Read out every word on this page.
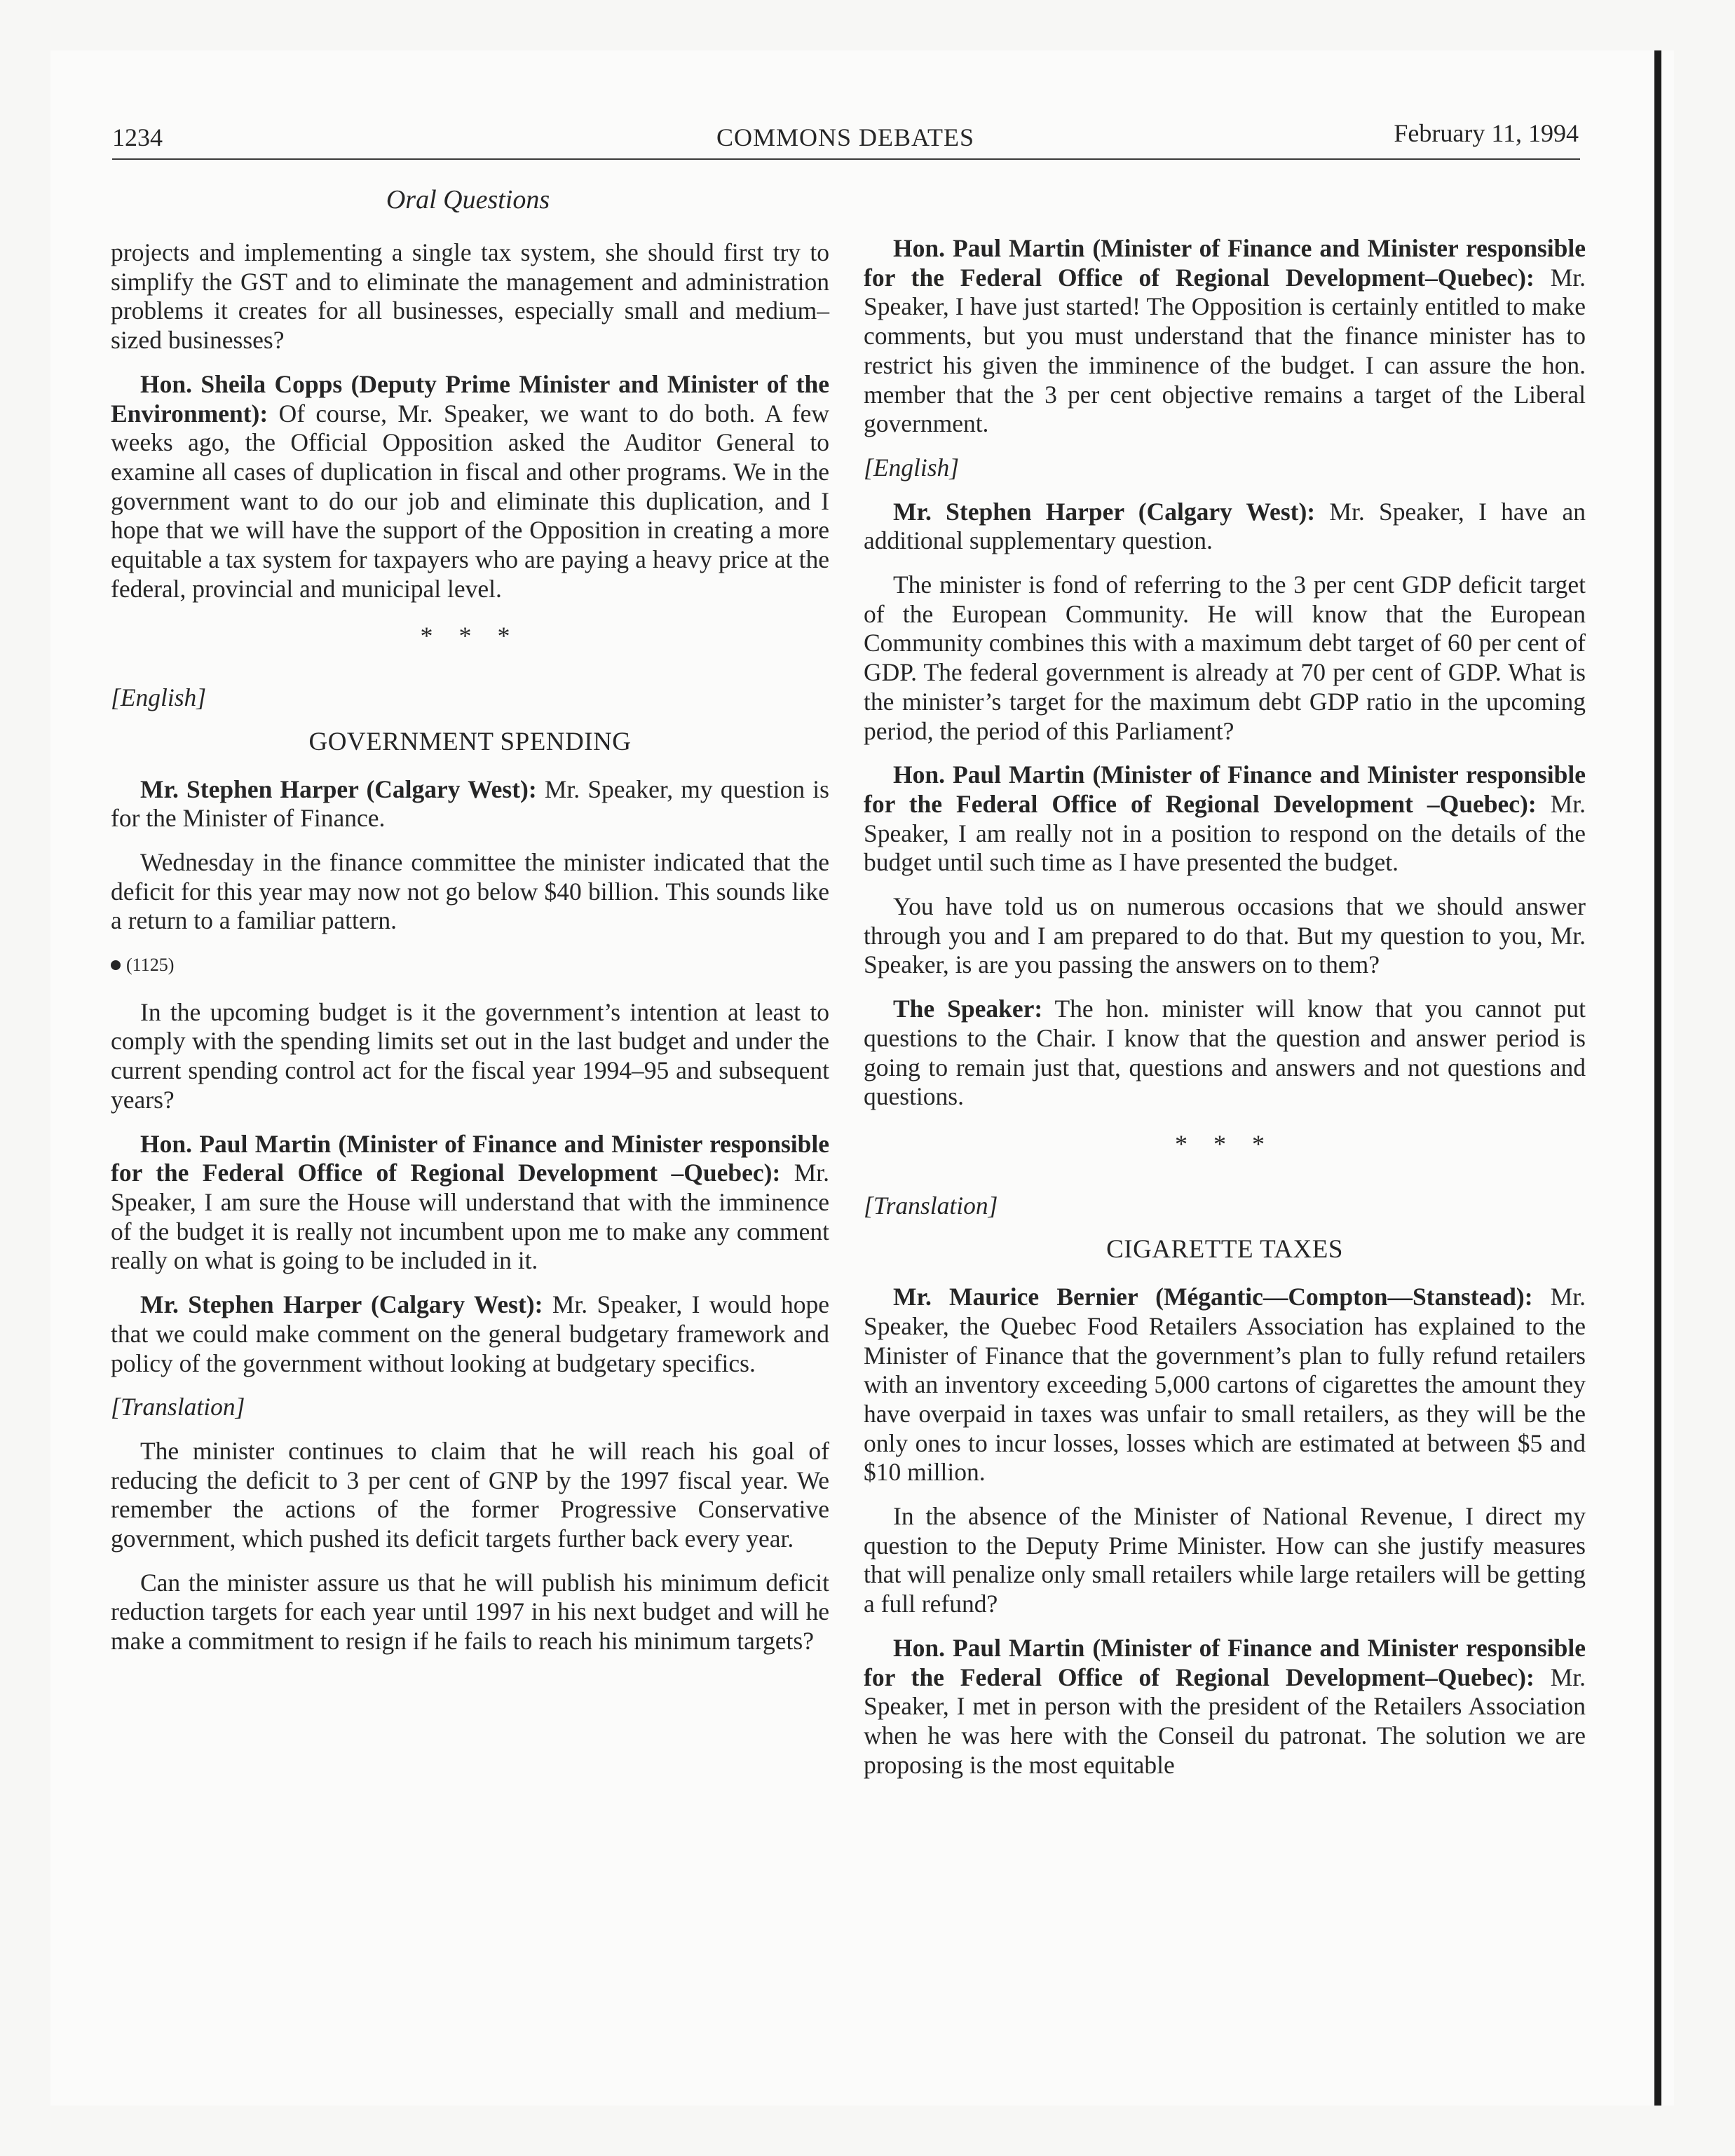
1234	COMMONS DEBATES	February 11, 1994
Oral Questions

projects and implementing a single tax system, she should first try to simplify the GST and to eliminate the management and administration problems it creates for all businesses, especially small and medium–sized businesses?

Hon. Sheila Copps (Deputy Prime Minister and Minister of the Environment): Of course, Mr. Speaker, we want to do both. A few weeks ago, the Official Opposition asked the Auditor General to examine all cases of duplication in fiscal and other programs. We in the government want to do our job and eliminate this duplication, and I hope that we will have the support of the Opposition in creating a more equitable a tax system for taxpayers who are paying a heavy price at the federal, provincial and municipal level.

* * *
[English]
GOVERNMENT SPENDING

Mr. Stephen Harper (Calgary West): Mr. Speaker, my question is for the Minister of Finance.

Wednesday in the finance committee the minister indicated that the deficit for this year may now not go below $40 billion. This sounds like a return to a familiar pattern.

(1125)

In the upcoming budget is it the government’s intention at least to comply with the spending limits set out in the last budget and under the current spending control act for the fiscal year 1994–95 and subsequent years?

Hon. Paul Martin (Minister of Finance and Minister responsible for the Federal Office of Regional Development –Quebec): Mr. Speaker, I am sure the House will understand that with the imminence of the budget it is really not incumbent upon me to make any comment really on what is going to be included in it.

Mr. Stephen Harper (Calgary West): Mr. Speaker, I would hope that we could make comment on the general budgetary framework and policy of the government without looking at budgetary specifics.

[Translation]

The minister continues to claim that he will reach his goal of reducing the deficit to 3 per cent of GNP by the 1997 fiscal year. We remember the actions of the former Progressive Conservative government, which pushed its deficit targets further back every year.

Can the minister assure us that he will publish his minimum deficit reduction targets for each year until 1997 in his next budget and will he make a commitment to resign if he fails to reach his minimum targets?

Hon. Paul Martin (Minister of Finance and Minister responsible for the Federal Office of Regional Development–Quebec): Mr. Speaker, I have just started! The Opposition is certainly entitled to make comments, but you must understand that the finance minister has to restrict his given the imminence of the budget. I can assure the hon. member that the 3 per cent objective remains a target of the Liberal government.

[English]

Mr. Stephen Harper (Calgary West): Mr. Speaker, I have an additional supplementary question.

The minister is fond of referring to the 3 per cent GDP deficit target of the European Community. He will know that the European Community combines this with a maximum debt target of 60 per cent of GDP. The federal government is already at 70 per cent of GDP. What is the minister’s target for the maximum debt GDP ratio in the upcoming period, the period of this Parliament?

Hon. Paul Martin (Minister of Finance and Minister responsible for the Federal Office of Regional Development –Quebec): Mr. Speaker, I am really not in a position to respond on the details of the budget until such time as I have presented the budget.

You have told us on numerous occasions that we should answer through you and I am prepared to do that. But my question to you, Mr. Speaker, is are you passing the answers on to them?

The Speaker: The hon. minister will know that you cannot put questions to the Chair. I know that the question and answer period is going to remain just that, questions and answers and not questions and questions.

* * *
[Translation]
CIGARETTE TAXES

Mr. Maurice Bernier (Mégantic—Compton—Stanstead): Mr. Speaker, the Quebec Food Retailers Association has explained to the Minister of Finance that the government’s plan to fully refund retailers with an inventory exceeding 5,000 cartons of cigarettes the amount they have overpaid in taxes was unfair to small retailers, as they will be the only ones to incur losses, losses which are estimated at between $5 and $10 million.

In the absence of the Minister of National Revenue, I direct my question to the Deputy Prime Minister. How can she justify measures that will penalize only small retailers while large retailers will be getting a full refund?

Hon. Paul Martin (Minister of Finance and Minister responsible for the Federal Office of Regional Development–Quebec): Mr. Speaker, I met in person with the president of the Retailers Association when he was here with the Conseil du patronat. The solution we are proposing is the most equitable
